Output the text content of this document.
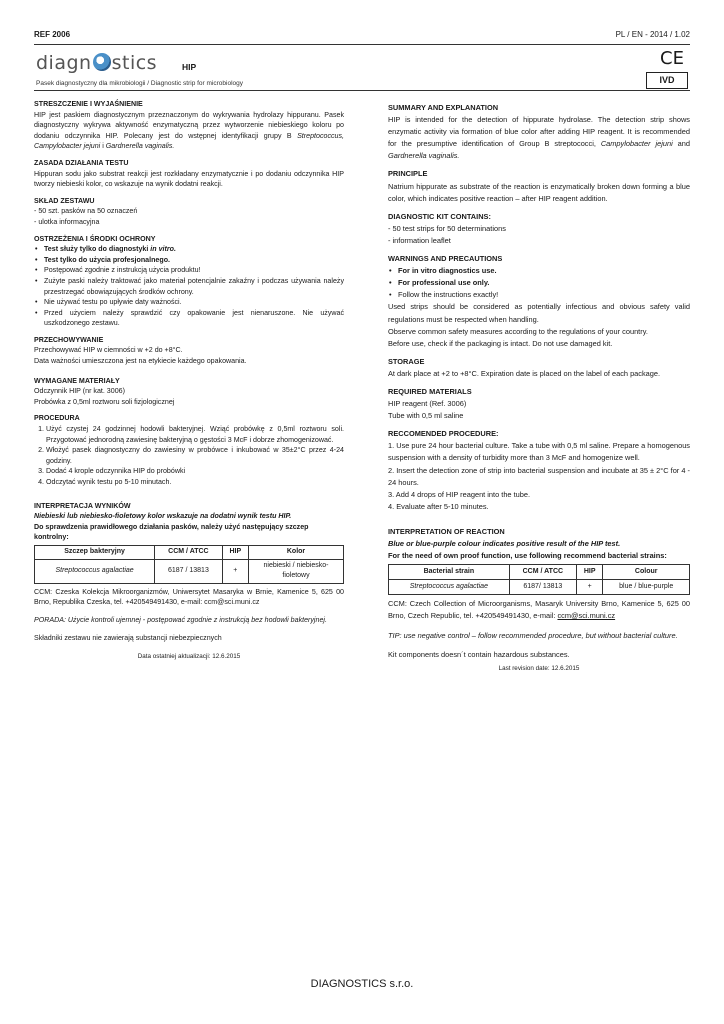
REF 2006	PL / EN - 2014 / 1.02
diagn stics	HIP
Pasek diagnostyczny dla mikrobiologii / Diagnostic strip for microbiology
CE
IVD
STRESZCZENIE I WYJAŚNIENIE

HIP jest paskiem diagnostycznym przeznaczonym do wykrywania hydrolazy hippuranu. Pasek diagnostyczny wykrywa aktywność enzymatyczną przez wytworzenie niebieskiego koloru po dodaniu odczynnika HIP. Polecany jest do wstępnej identyfikacji grupy B Streptococcus, Campylobacter jejuni i Gardnerella vaginalis.

ZASADA DZIAŁANIA TESTU

Hippuran sodu jako substrat reakcji jest rozkładany enzymatycznie i po dodaniu odczynnika HIP tworzy niebieski kolor, co wskazuje na wynik dodatni reakcji.

SKŁAD ZESTAWU
- 50 szt. pasków na 50 oznaczeń
- ulotka informacyjna
OSTRZEŻENIA I ŚRODKI OCHRONY
• Test służy tylko do diagnostyki in vitro.
• Test tylko do użycia profesjonalnego.
• Postępować zgodnie z instrukcją użycia produktu!
• Zużyte paski należy traktować jako materiał potencjalnie zakaźny i podczas używania należy przestrzegać obowiązujących środków ochrony.
• Nie używać testu po upływie daty ważności.
• Przed użyciem należy sprawdzić czy opakowanie jest nienaruszone. Nie używać uszkodzonego zestawu.
PRZECHOWYWANIE
Przechowywać HIP w ciemności w +2 do +8°C.
Data ważności umieszczona jest na etykiecie każdego opakowania.
WYMAGANE MATERIAŁY
Odczynnik HIP (nr kat. 3006)
Probówka z 0,5ml roztworu soli fizjologicznej
PROCEDURA
1. Użyć czystej 24 godzinnej hodowli bakteryjnej. Wziąć probówkę z 0,5ml roztworu soli. Przygotować jednorodną zawiesinę bakteryjną o gęstości 3 McF i dobrze zhomogenizować.
2. Włożyć pasek diagnostyczny do zawiesiny w probówce i inkubować w 35±2°C przez 4-24 godziny.
3. Dodać 4 krople odczynnika HIP do probówki
4. Odczytać wynik testu po 5-10 minutach.
INTERPRETACJA WYNIKÓW
Niebieski lub niebiesko-fioletowy kolor wskazuje na dodatni wynik testu HIP.
Do sprawdzenia prawidłowego działania pasków, należy użyć następujący szczep kontrolny:
Szczep bakteryjny	CCM / ATCC	HIP	Kolor
Streptococcus agalactiae	6187 / 13813	+	niebieski / niebiesko-fioletowy

CCM: Czeska Kolekcja Mikroorganizmów, Uniwersytet Masaryka w Brnie, Kamenice 5, 625 00 Brno, Republika Czeska, tel. +420549491430, e-mail: ccm@sci.muni.cz

PORADA: Użycie kontroli ujemnej - postępować zgodnie z instrukcją bez hodowli bakteryjnej.

Składniki zestawu nie zawierają substancji niebezpiecznych

Data ostatniej aktualizacji: 12.6.2015
SUMMARY AND EXPLANATION

HIP is intended for the detection of hippurate hydrolase. The detection strip shows enzymatic activity via formation of blue color after adding HIP reagent. It is recommended for the presumptive identification of Group B streptococci, Campylobacter jejuni and Gardnerella vaginalis.

PRINCIPLE

Natrium hippurate as substrate of the reaction is enzymatically broken down forming a blue color, which indicates positive reaction – after HIP reagent addition.

DIAGNOSTIC KIT CONTAINS:
- 50 test strips for 50 determinations
- information leaflet
WARNINGS AND PRECAUTIONS
• For in vitro diagnostics use.
• For professional use only.
• Follow the instructions exactly!

Used strips should be considered as potentially infectious and obvious safety valid regulations must be respected when handling.

Observe common safety measures according to the regulations of your country.

Before use, check if the packaging is intact. Do not use damaged kit.

STORAGE

At dark place at +2 to +8°C. Expiration date is placed on the label of each package.

REQUIRED MATERIALS
HIP reagent (Ref. 3006)
Tube with 0,5 ml saline
RECCOMENDED PROCEDURE:

1. Use pure 24 hour bacterial culture. Take a tube with 0,5 ml saline. Prepare a homogenous suspension with a density of turbidity more than 3 McF and homogenize well.

2. Insert the detection zone of strip into bacterial suspension and incubate at 35 ± 2°C for 4 - 24 hours.

3. Add 4 drops of HIP reagent into the tube.

4. Evaluate after 5-10 minutes.

INTERPRETATION OF REACTION
Blue or blue-purple colour indicates positive result of the HIP test.
For the need of own proof function, use following recommend bacterial strains:
Bacterial strain	CCM / ATCC	HIP	Colour
Streptococcus agalactiae	6187/ 13813	+	blue / blue-purple

CCM: Czech Collection of Microorganisms, Masaryk University Brno, Kamenice 5, 625 00 Brno, Czech Republic, tel. +420549491430, e-mail: ccm@sci.muni.cz

TIP: use negative control – follow recommended procedure, but without bacterial culture.

Kit components doesn´t contain hazardous substances.

Last revision date: 12.6.2015
DIAGNOSTICS s.r.o.
